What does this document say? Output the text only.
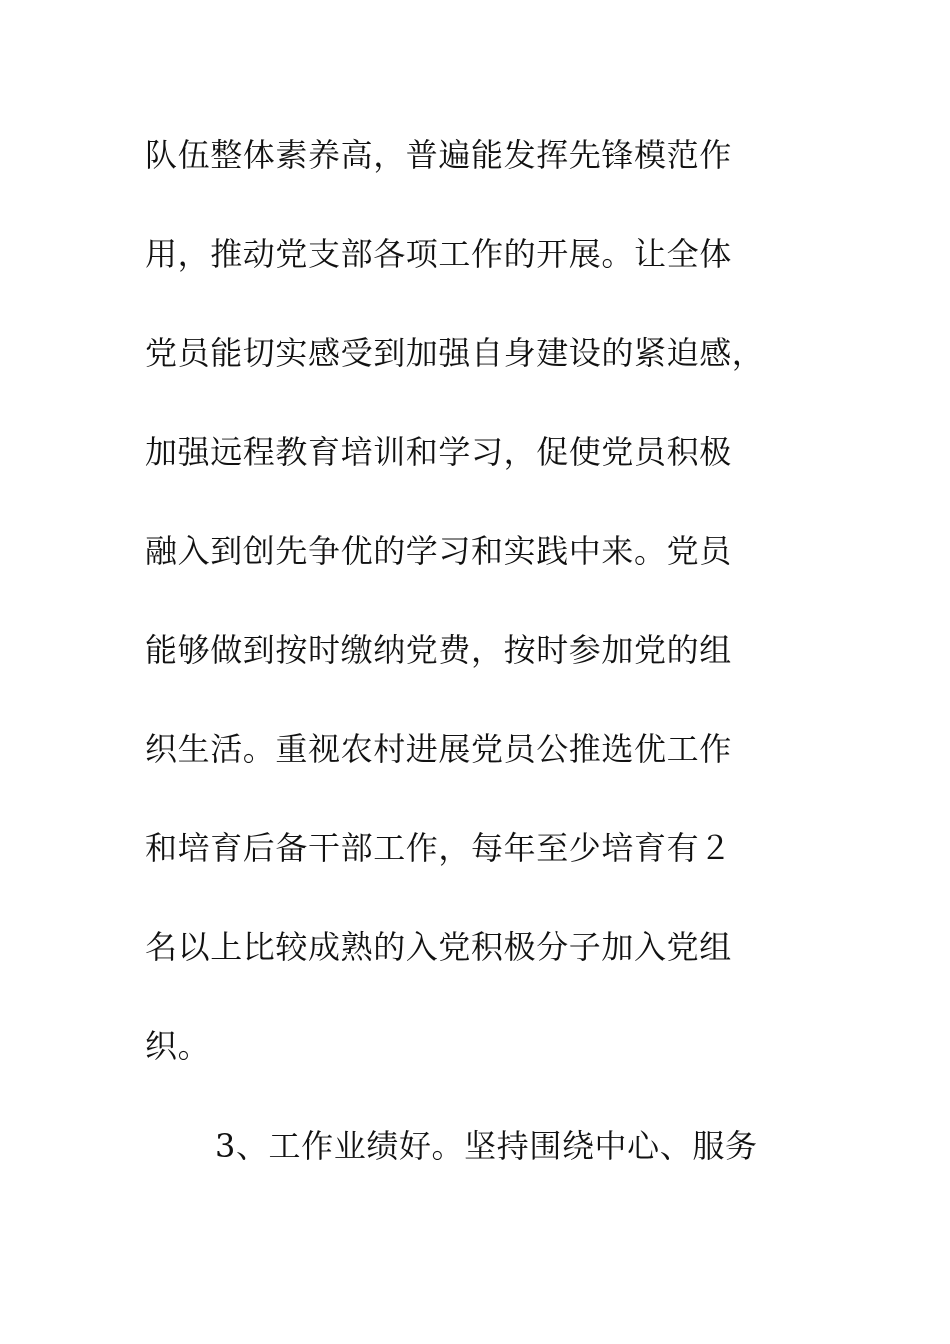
队伍整体素养高，普遍能发挥先锋模范作
用，推动党支部各项工作的开展。让全体
党员能切实感受到加强自身建设的紧迫感，
加强远程教育培训和学习，促使党员积极
融入到创先争优的学习和实践中来。党员
能够做到按时缴纳党费，按时参加党的组
织生活。重视农村进展党员公推选优工作
和培育后备干部工作，每年至少培育有２
名以上比较成熟的入党积极分子加入党组
织。
3、工作业绩好。坚持围绕中心、服务
